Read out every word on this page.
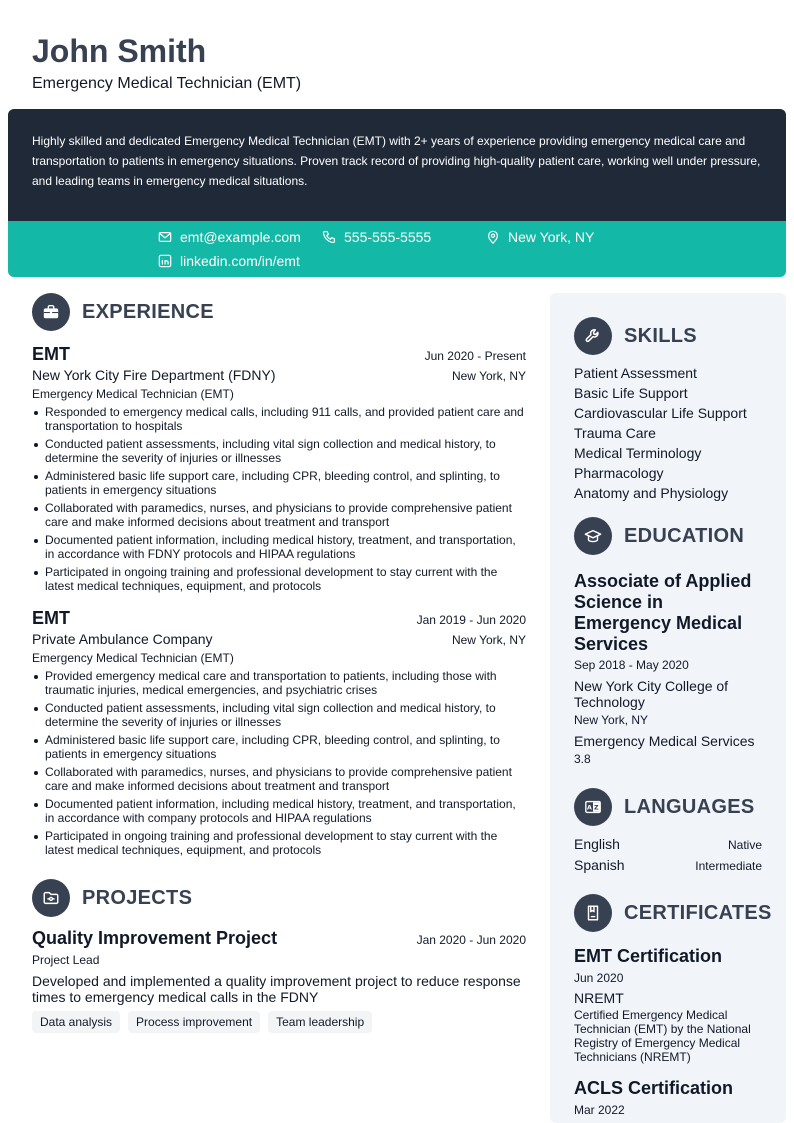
John Smith
Emergency Medical Technician (EMT)

Highly skilled and dedicated Emergency Medical Technician (EMT) with 2+ years of experience providing emergency medical care and transportation to patients in emergency situations. Proven track record of providing high-quality patient care, working well under pressure, and leading teams in emergency medical situations.

emt@example.com	555-555-5555	New York, NY
linkedin.com/in/emt
EXPERIENCE
EMT	Jun 2020 - Present
New York City Fire Department (FDNY)	New York, NY
Emergency Medical Technician (EMT)
Responded to emergency medical calls, including 911 calls, and provided patient care and transportation to hospitals
Conducted patient assessments, including vital sign collection and medical history, to determine the severity of injuries or illnesses
Administered basic life support care, including CPR, bleeding control, and splinting, to patients in emergency situations
Collaborated with paramedics, nurses, and physicians to provide comprehensive patient care and make informed decisions about treatment and transport
Documented patient information, including medical history, treatment, and transportation, in accordance with FDNY protocols and HIPAA regulations
Participated in ongoing training and professional development to stay current with the latest medical techniques, equipment, and protocols
EMT	Jan 2019 - Jun 2020
Private Ambulance Company	New York, NY
Emergency Medical Technician (EMT)
Provided emergency medical care and transportation to patients, including those with traumatic injuries, medical emergencies, and psychiatric crises
Conducted patient assessments, including vital sign collection and medical history, to determine the severity of injuries or illnesses
Administered basic life support care, including CPR, bleeding control, and splinting, to patients in emergency situations
Collaborated with paramedics, nurses, and physicians to provide comprehensive patient care and make informed decisions about treatment and transport
Documented patient information, including medical history, treatment, and transportation, in accordance with company protocols and HIPAA regulations
Participated in ongoing training and professional development to stay current with the latest medical techniques, equipment, and protocols
PROJECTS
Quality Improvement Project	Jan 2020 - Jun 2020
Project Lead
Developed and implemented a quality improvement project to reduce response times to emergency medical calls in the FDNY
Data analysis	Process improvement	Team leadership
SKILLS
Patient Assessment
Basic Life Support
Cardiovascular Life Support
Trauma Care
Medical Terminology
Pharmacology
Anatomy and Physiology
EDUCATION
Associate of Applied Science in Emergency Medical Services
Sep 2018 - May 2020
New York City College of Technology
New York, NY
Emergency Medical Services
3.8
A Z LANGUAGES
English	Native
Spanish	Intermediate
CERTIFICATES
EMT Certification
Jun 2020
NREMT
Certified Emergency Medical Technician (EMT) by the National Registry of Emergency Medical Technicians (NREMT)
ACLS Certification
Mar 2022
